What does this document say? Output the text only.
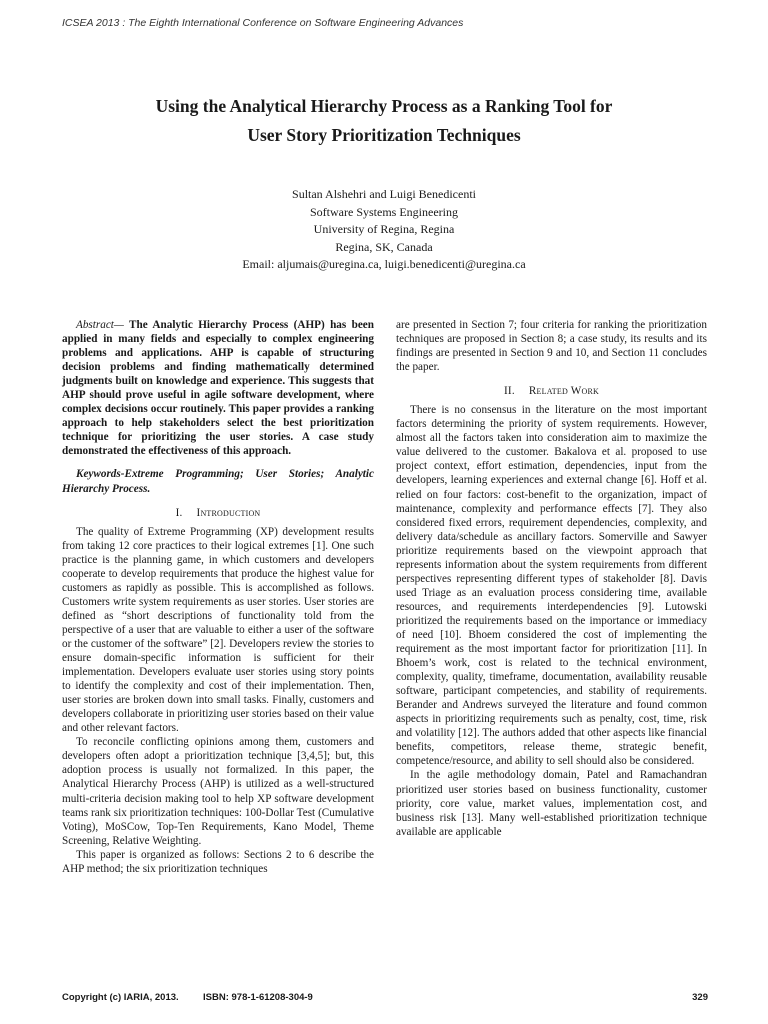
ICSEA 2013 : The Eighth International Conference on Software Engineering Advances
Using the Analytical Hierarchy Process as a Ranking Tool for
User Story Prioritization Techniques
Sultan Alshehri and Luigi Benedicenti
Software Systems Engineering
University of Regina, Regina
Regina, SK, Canada
Email: aljumais@uregina.ca, luigi.benedicenti@uregina.ca

Abstract— The Analytic Hierarchy Process (AHP) has been applied in many fields and especially to complex engineering problems and applications. AHP is capable of structuring decision problems and finding mathematically determined judgments built on knowledge and experience. This suggests that AHP should prove useful in agile software development, where complex decisions occur routinely. This paper provides a ranking approach to help stakeholders select the best prioritization technique for prioritizing the user stories. A case study demonstrated the effectiveness of this approach.

Keywords-Extreme Programming; User Stories; Analytic Hierarchy Process.

I. Introduction

The quality of Extreme Programming (XP) development results from taking 12 core practices to their logical extremes [1]. One such practice is the planning game, in which customers and developers cooperate to develop requirements that produce the highest value for customers as rapidly as possible. This is accomplished as follows. Customers write system requirements as user stories. User stories are defined as “short descriptions of functionality told from the perspective of a user that are valuable to either a user of the software or the customer of the software” [2]. Developers review the stories to ensure domain-specific information is sufficient for their implementation. Developers evaluate user stories using story points to identify the complexity and cost of their implementation. Then, user stories are broken down into small tasks. Finally, customers and developers collaborate in prioritizing user stories based on their value and other relevant factors.

To reconcile conflicting opinions among them, customers and developers often adopt a prioritization technique [3,4,5]; but, this adoption process is usually not formalized. In this paper, the Analytical Hierarchy Process (AHP) is utilized as a well-structured multi-criteria decision making tool to help XP software development teams rank six prioritization techniques: 100-Dollar Test (Cumulative Voting), MoSCow, Top-Ten Requirements, Kano Model, Theme Screening, Relative Weighting.

This paper is organized as follows: Sections 2 to 6 describe the AHP method; the six prioritization techniques

are presented in Section 7; four criteria for ranking the prioritization techniques are proposed in Section 8; a case study, its results and its findings are presented in Section 9 and 10, and Section 11 concludes the paper.

II. Related Work

There is no consensus in the literature on the most important factors determining the priority of system requirements. However, almost all the factors taken into consideration aim to maximize the value delivered to the customer. Bakalova et al. proposed to use project context, effort estimation, dependencies, input from the developers, learning experiences and external change [6]. Hoff et al. relied on four factors: cost-benefit to the organization, impact of maintenance, complexity and performance effects [7]. They also considered fixed errors, requirement dependencies, complexity, and delivery data/schedule as ancillary factors. Somerville and Sawyer prioritize requirements based on the viewpoint approach that represents information about the system requirements from different perspectives representing different types of stakeholder [8]. Davis used Triage as an evaluation process considering time, available resources, and requirements interdependencies [9]. Lutowski prioritized the requirements based on the importance or immediacy of need [10]. Bhoem considered the cost of implementing the requirement as the most important factor for prioritization [11]. In Bhoem’s work, cost is related to the technical environment, complexity, quality, timeframe, documentation, availability reusable software, participant competencies, and stability of requirements. Berander and Andrews surveyed the literature and found common aspects in prioritizing requirements such as penalty, cost, time, risk and volatility [12]. The authors added that other aspects like financial benefits, competitors, release theme, strategic benefit, competence/resource, and ability to sell should also be considered.

In the agile methodology domain, Patel and Ramachandran prioritized user stories based on business functionality, customer priority, core value, market values, implementation cost, and business risk [13]. Many well-established prioritization technique available are applicable

Copyright (c) IARIA, 2013.	ISBN: 978-1-61208-304-9	329
